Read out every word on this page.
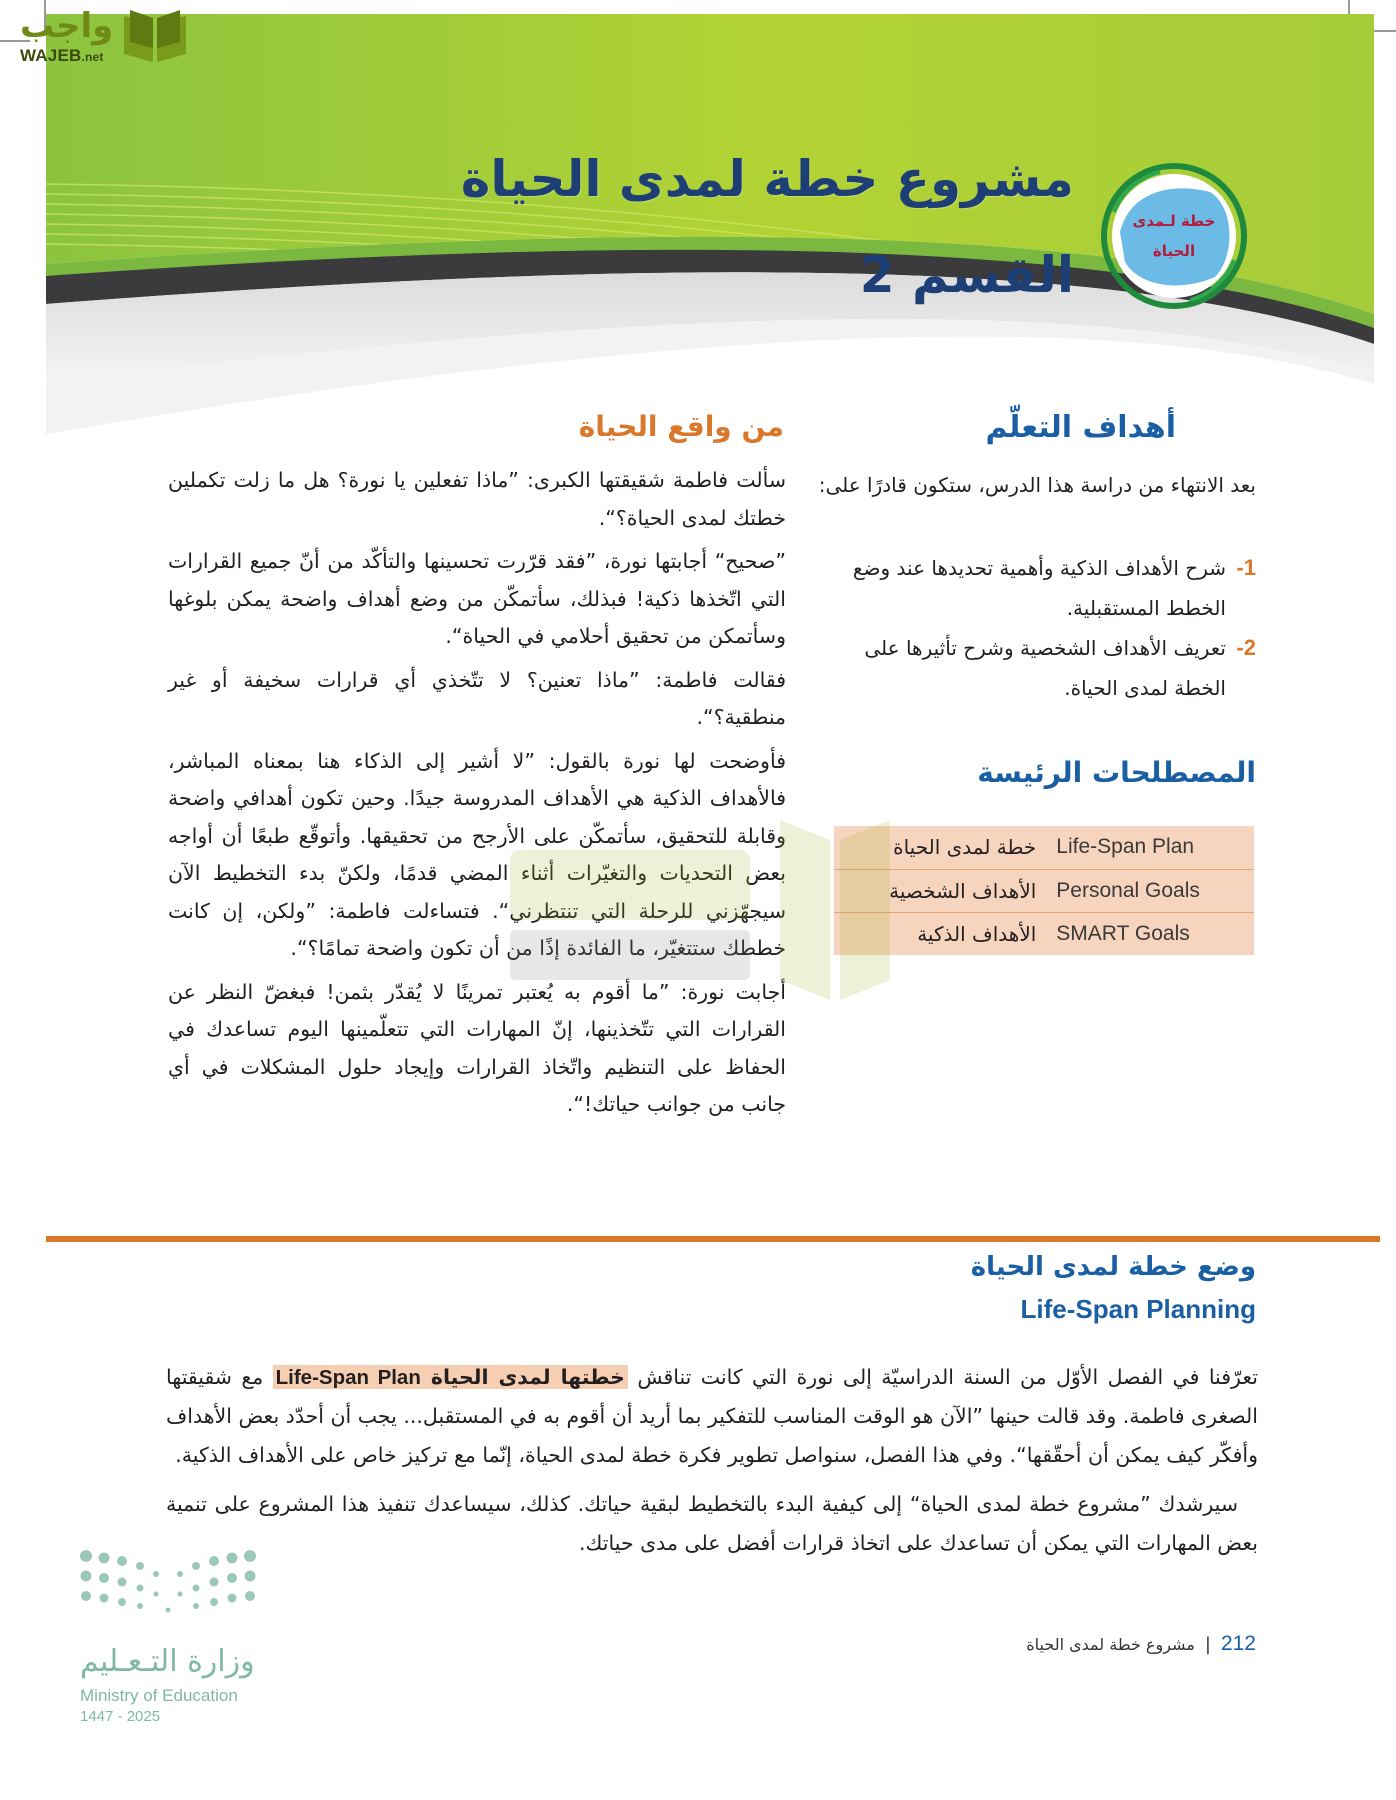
واجب
WAJEB.net
مشروع خطة لمدى الحياة
القسم 2
خطة لـمدى
الحياة
أهداف التعلّم

بعد الانتهاء من دراسة هذا الدرس، ستكون قادرًا على:

1-
شرح الأهداف الذكية وأهمية تحديدها عند وضع الخطط المستقبلية.
2-
تعريف الأهداف الشخصية وشرح تأثيرها على الخطة لمدى الحياة.
المصطلحات الرئيسة
Life-Span Plan	خطة لمدى الحياة
Personal Goals	الأهداف الشخصية
SMART Goals	الأهداف الذكية
من واقع الحياة

سألت فاطمة شقيقتها الكبرى: ”ماذا تفعلين يا نورة؟ هل ما زلت تكملين خطتك لمدى الحياة؟“.

”صحيح“ أجابتها نورة، ”فقد قرّرت تحسينها والتأكّد من أنّ جميع القرارات التي اتّخذها ذكية! فبذلك، سأتمكّن من وضع أهداف واضحة يمكن بلوغها وسأتمكن من تحقيق أحلامي في الحياة“.

فقالت فاطمة: ”ماذا تعنين؟ لا تتّخذي أي قرارات سخيفة أو غير منطقية؟“.

فأوضحت لها نورة بالقول: ”لا أشير إلى الذكاء هنا بمعناه المباشر، فالأهداف الذكية هي الأهداف المدروسة جيدًا. وحين تكون أهدافي واضحة وقابلة للتحقيق، سأتمكّن على الأرجح من تحقيقها. وأتوقّع طبعًا أن أواجه بعض التحديات والتغيّرات أثناء المضي قدمًا، ولكنّ بدء التخطيط الآن سيجهّزني للرحلة التي تنتظرني“. فتساءلت فاطمة: ”ولكن، إن كانت خططك ستتغيّر، ما الفائدة إذًا من أن تكون واضحة تمامًا؟“.

أجابت نورة: ”ما أقوم به يُعتبر تمرينًا لا يُقدّر بثمن! فبغضّ النظر عن القرارات التي تتّخذينها، إنّ المهارات التي تتعلّمينها اليوم تساعدك في الحفاظ على التنظيم واتّخاذ القرارات وإيجاد حلول المشكلات في أي جانب من جوانب حياتك!“.

وضع خطة لمدى الحياة
Life-Span Planning

تعرّفنا في الفصل الأوّل من السنة الدراسيّة إلى نورة التي كانت تناقش خطتها لمدى الحياة Life-Span Plan مع شقيقتها الصغرى فاطمة. وقد قالت حينها ”الآن هو الوقت المناسب للتفكير بما أريد أن أقوم به في المستقبل... يجب أن أحدّد بعض الأهداف وأفكّر كيف يمكن أن أحقّقها“. وفي هذا الفصل، سنواصل تطوير فكرة خطة لمدى الحياة، إنّما مع تركيز خاص على الأهداف الذكية.

سيرشدك ”مشروع خطة لمدى الحياة“ إلى كيفية البدء بالتخطيط لبقية حياتك. كذلك، سيساعدك تنفيذ هذا المشروع على تنمية بعض المهارات التي يمكن أن تساعدك على اتخاذ قرارات أفضل على مدى حياتك.

وزارة التـعـليم
Ministry of Education
2025 - 1447
212
|
مشروع خطة لمدى الحياة
